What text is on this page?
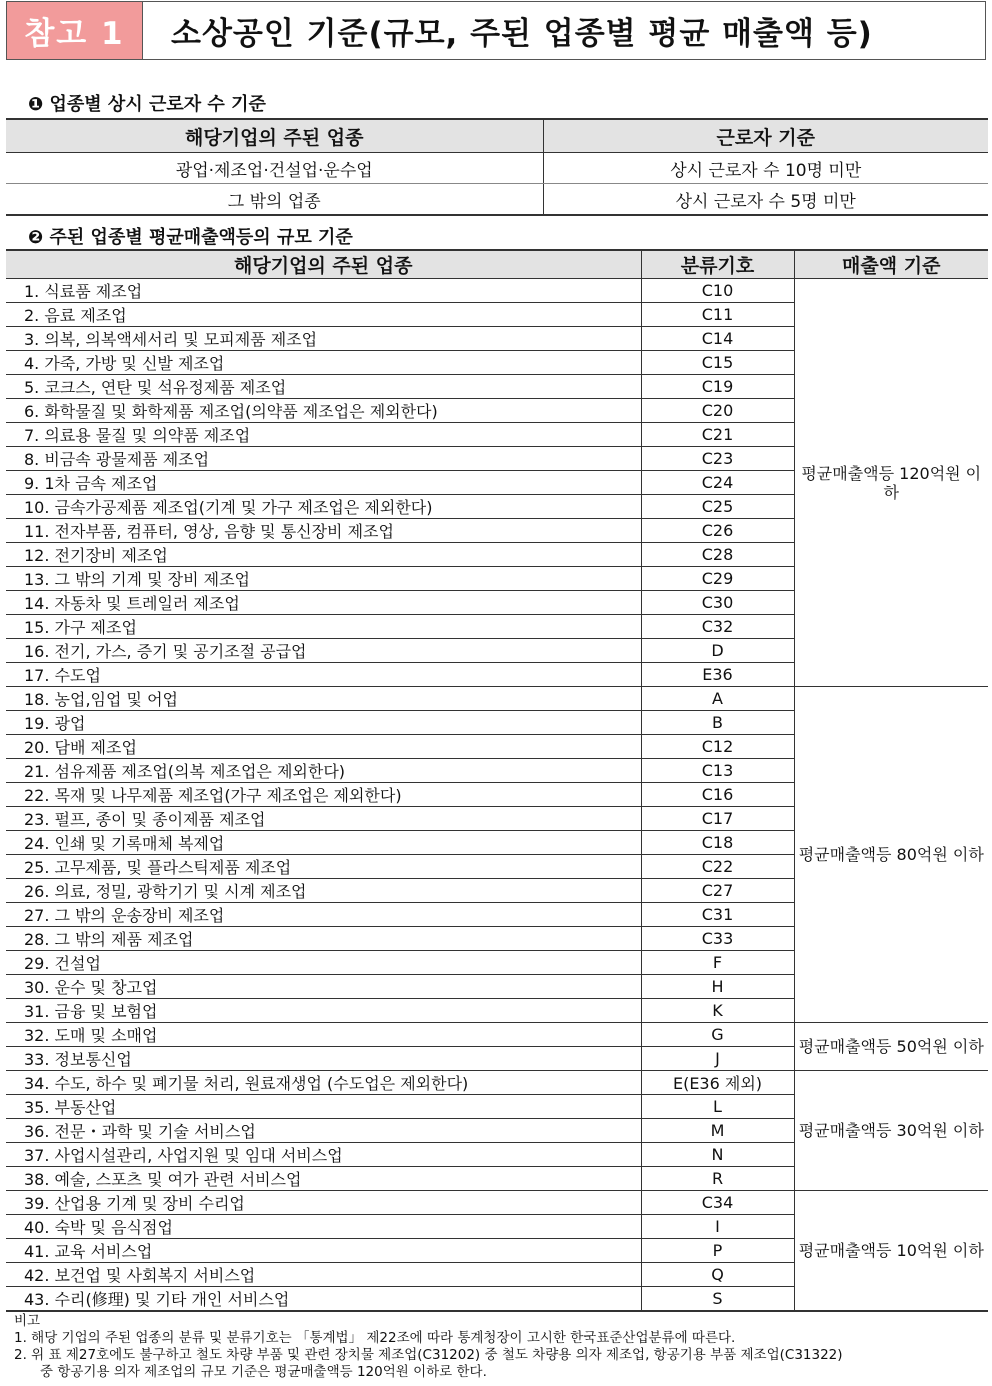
참고 1	소상공인 기준(규모, 주된 업종별 평균 매출액 등)
❶ 업종별 상시 근로자 수 기준
해당기업의 주된 업종	근로자 기준
광업·제조업·건설업·운수업	상시 근로자 수 10명 미만
그 밖의 업종	상시 근로자 수 5명 미만
❷ 주된 업종별 평균매출액등의 규모 기준
해당기업의 주된 업종	분류기호	매출액 기준
1. 식료품 제조업	C10	평균매출액등 120억원 이하
2. 음료 제조업	C11	
3. 의복, 의복액세서리 및 모피제품 제조업	C14	
4. 가죽, 가방 및 신발 제조업	C15	
5. 코크스, 연탄 및 석유정제품 제조업	C19	
6. 화학물질 및 화학제품 제조업(의약품 제조업은 제외한다)	C20	
7. 의료용 물질 및 의약품 제조업	C21	
8. 비금속 광물제품 제조업	C23	
9. 1차 금속 제조업	C24	
10. 금속가공제품 제조업(기계 및 가구 제조업은 제외한다)	C25	
11. 전자부품, 컴퓨터, 영상, 음향 및 통신장비 제조업	C26	
12. 전기장비 제조업	C28	
13. 그 밖의 기계 및 장비 제조업	C29	
14. 자동차 및 트레일러 제조업	C30	
15. 가구 제조업	C32	
16. 전기, 가스, 증기 및 공기조절 공급업	D	
17. 수도업	E36	
18. 농업,임업 및 어업	A	평균매출액등 80억원 이하
19. 광업	B	
20. 담배 제조업	C12	
21. 섬유제품 제조업(의복 제조업은 제외한다)	C13	
22. 목재 및 나무제품 제조업(가구 제조업은 제외한다)	C16	
23. 펄프, 종이 및 종이제품 제조업	C17	
24. 인쇄 및 기록매체 복제업	C18	
25. 고무제품, 및 플라스틱제품 제조업	C22	
26. 의료, 정밀, 광학기기 및 시계 제조업	C27	
27. 그 밖의 운송장비 제조업	C31	
28. 그 밖의 제품 제조업	C33	
29. 건설업	F	
30. 운수 및 창고업	H	
31. 금융 및 보험업	K	
32. 도매 및 소매업	G	평균매출액등 50억원 이하
33. 정보통신업	J	
34. 수도, 하수 및 폐기물 처리, 원료재생업 (수도업은 제외한다)	E(E36 제외)	평균매출액등 30억원 이하
35. 부동산업	L	
36. 전문・과학 및 기술 서비스업	M	
37. 사업시설관리, 사업지원 및 임대 서비스업	N	
38. 예술, 스포츠 및 여가 관련 서비스업	R	
39. 산업용 기계 및 장비 수리업	C34	평균매출액등 10억원 이하
40. 숙박 및 음식점업	I	
41. 교육 서비스업	P	
42. 보건업 및 사회복지 서비스업	Q	
43. 수리(修理) 및 기타 개인 서비스업	S	
비고
1. 해당 기업의 주된 업종의 분류 및 분류기호는 「통계법」 제22조에 따라 통계청장이 고시한 한국표준산업분류에 따른다.
2. 위 표 제27호에도 불구하고 철도 차량 부품 및 관련 장치물 제조업(C31202) 중 철도 차량용 의자 제조업, 항공기용 부품 제조업(C31322)
중 항공기용 의자 제조업의 규모 기준은 평균매출액등 120억원 이하로 한다.
